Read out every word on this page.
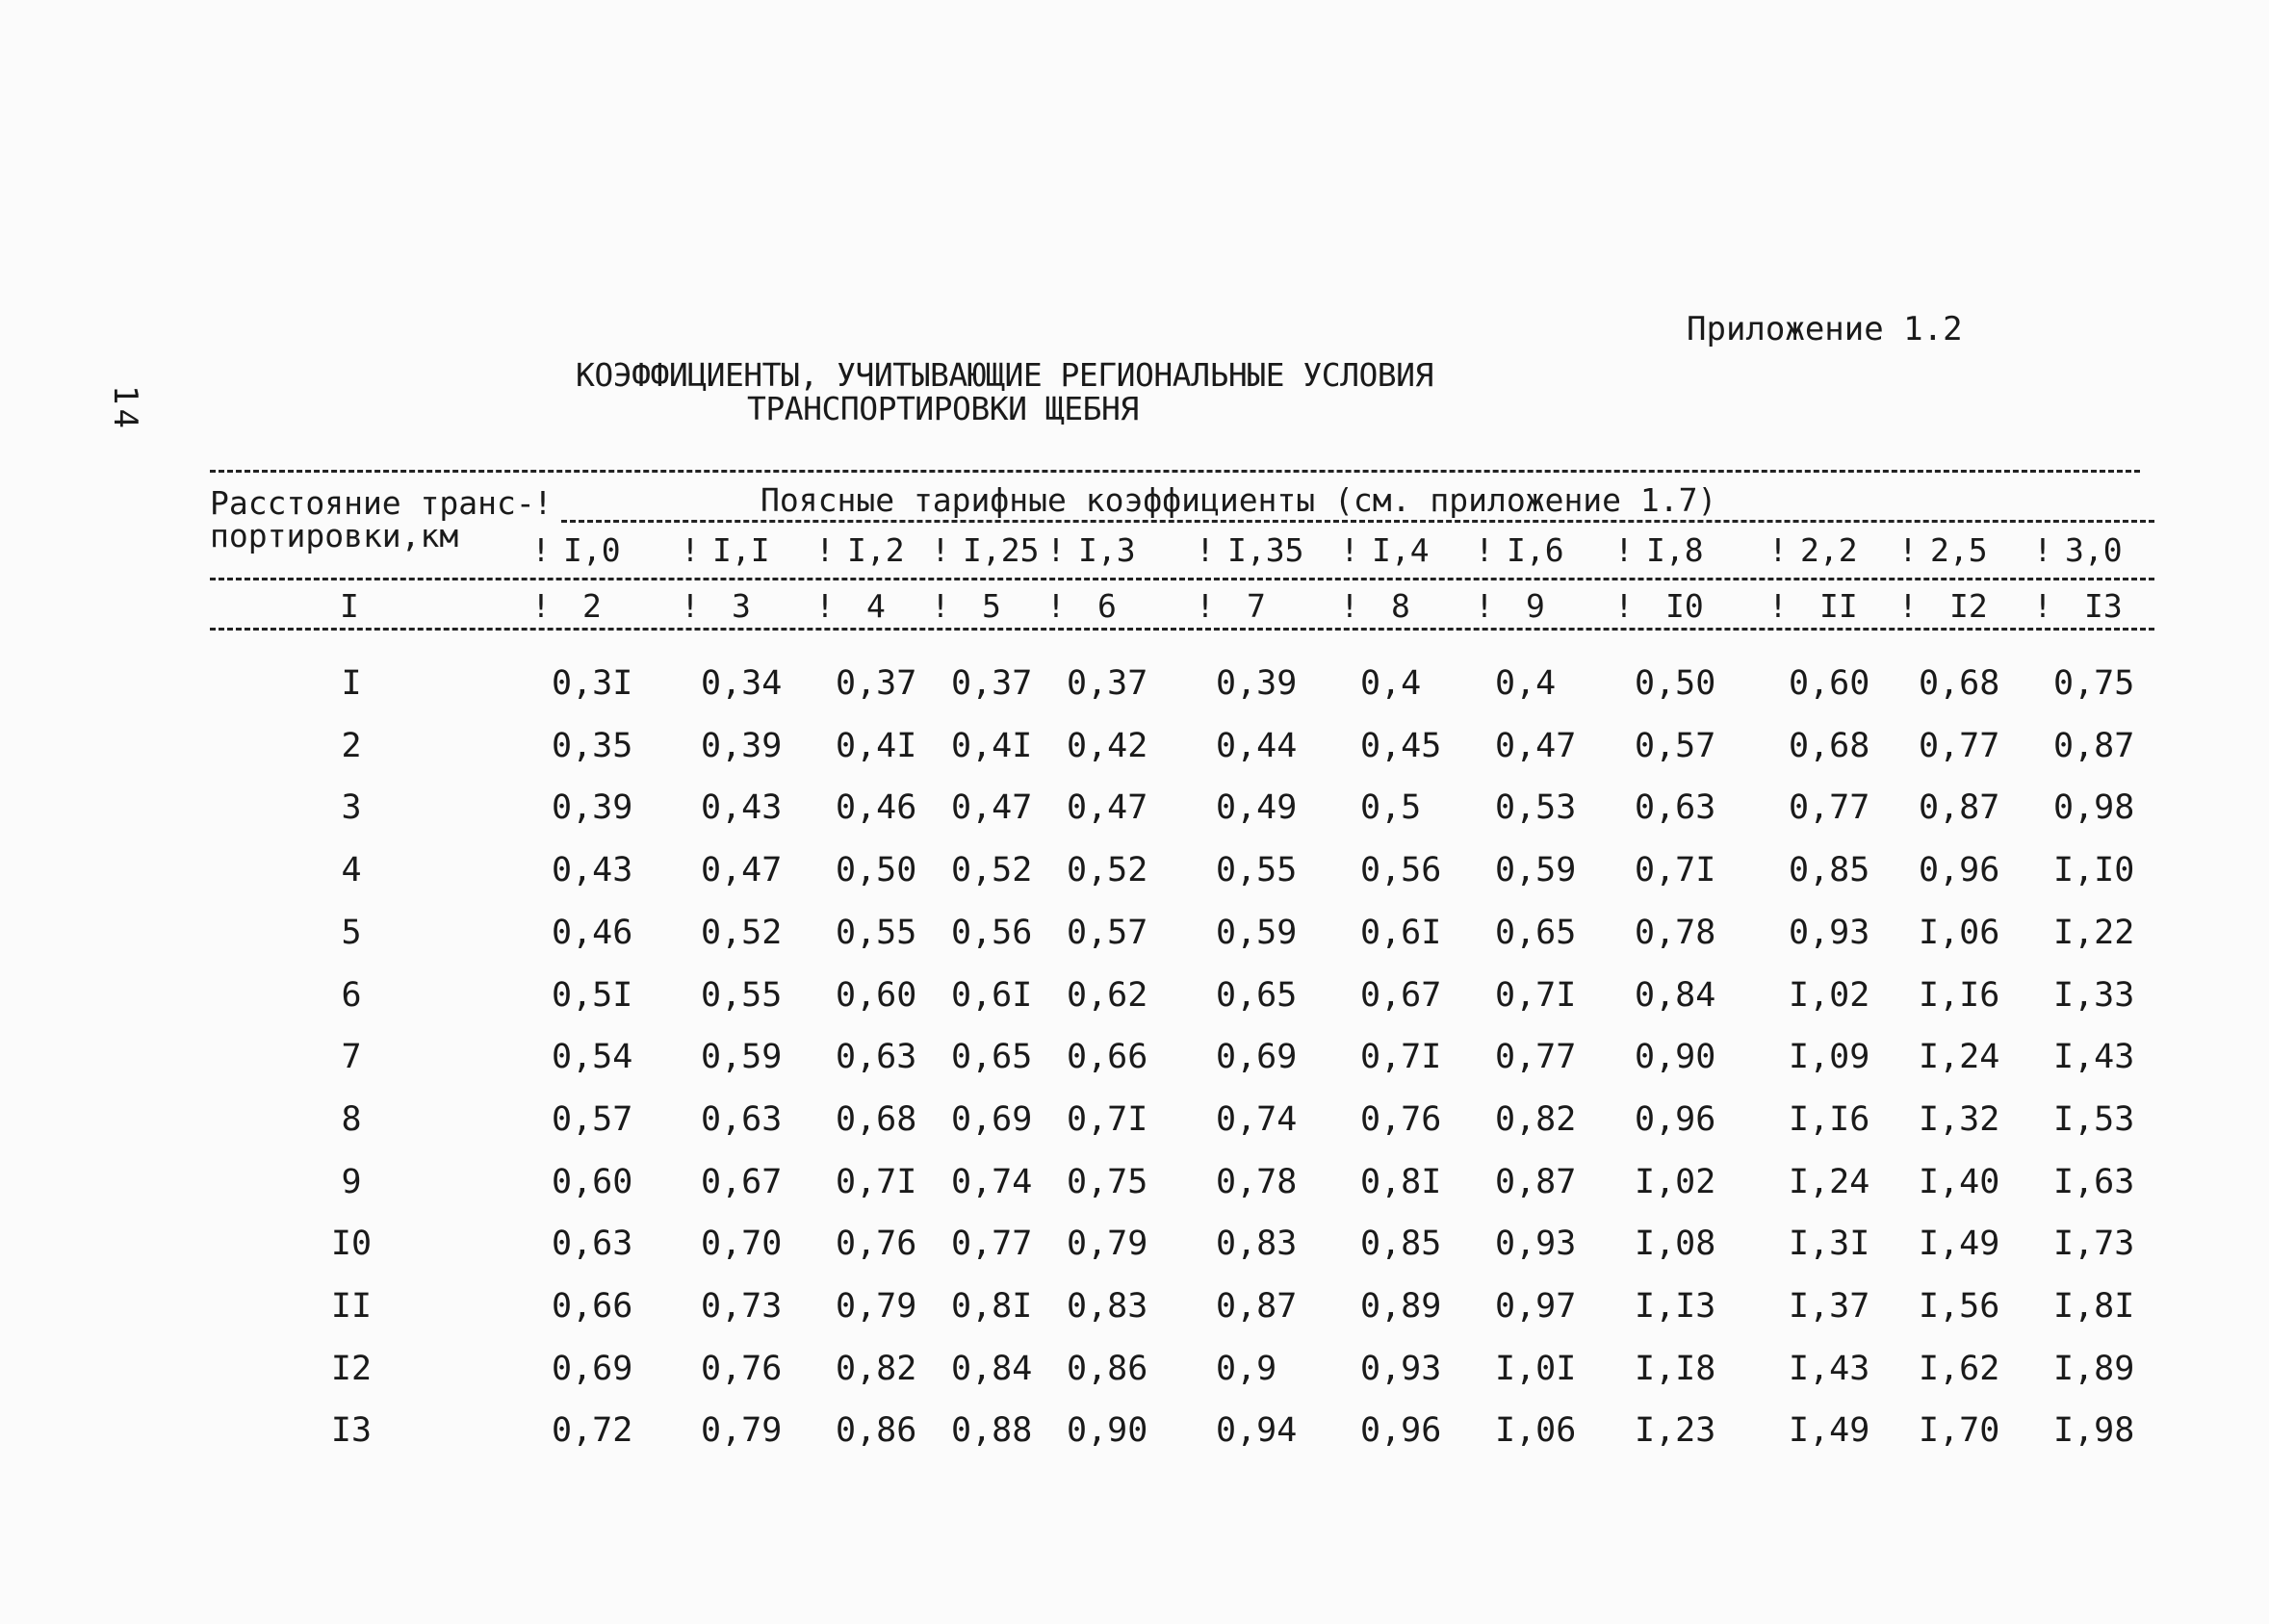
14
Приложение 1.2
КОЭФФИЦИЕНТЫ, УЧИТЫВАЮЩИЕ РЕГИОНАЛЬНЫЕ УСЛОВИЯ
ТРАНСПОРТИРОВКИ ЩЕБНЯ
Расстояние транс-
портировки,км
!	Поясные тарифные коэффициенты (см. приложение 1.7)
! I,0 ! I,I ! I,2 ! I,25 ! I,3 ! I,35 ! I,4 ! I,6 ! I,8 ! 2,2 ! 2,5 ! 3,0
I	! 2 ! 3 ! 4 ! 5 ! 6 ! 7 ! 8 ! 9 ! I0 ! II ! I2 ! I3
I	0,3I 0,34 0,37 0,37 0,37 0,39 0,4 0,4 0,50 0,60 0,68 0,75
2	0,35 0,39 0,4I 0,4I 0,42 0,44 0,45 0,47 0,57 0,68 0,77 0,87
3	0,39 0,43 0,46 0,47 0,47 0,49 0,5 0,53 0,63 0,77 0,87 0,98
4	0,43 0,47 0,50 0,52 0,52 0,55 0,56 0,59 0,7I 0,85 0,96 I,I0
5	0,46 0,52 0,55 0,56 0,57 0,59 0,6I 0,65 0,78 0,93 I,06 I,22
6	0,5I 0,55 0,60 0,6I 0,62 0,65 0,67 0,7I 0,84 I,02 I,I6 I,33
7	0,54 0,59 0,63 0,65 0,66 0,69 0,7I 0,77 0,90 I,09 I,24 I,43
8	0,57 0,63 0,68 0,69 0,7I 0,74 0,76 0,82 0,96 I,I6 I,32 I,53
9	0,60 0,67 0,7I 0,74 0,75 0,78 0,8I 0,87 I,02 I,24 I,40 I,63
I0	0,63 0,70 0,76 0,77 0,79 0,83 0,85 0,93 I,08 I,3I I,49 I,73
II	0,66 0,73 0,79 0,8I 0,83 0,87 0,89 0,97 I,I3 I,37 I,56 I,8I
I2	0,69 0,76 0,82 0,84 0,86 0,9 0,93 I,0I I,I8 I,43 I,62 I,89
I3	0,72 0,79 0,86 0,88 0,90 0,94 0,96 I,06 I,23 I,49 I,70 I,98
